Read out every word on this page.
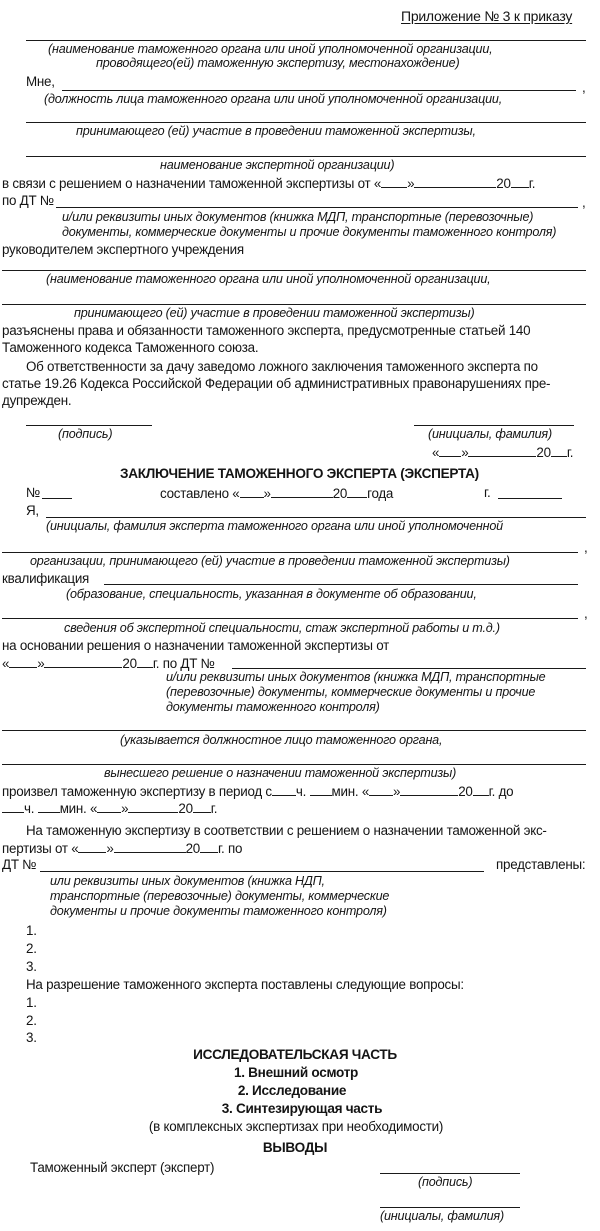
Приложение № 3 к приказу
(наименование таможенного органа или иной уполномоченной организации,
проводящего(ей) таможенную экспертизу, местонахождение)
Мне,	,
(должность лица таможенного органа или иной уполномоченной организации,
принимающего (ей) участие в проведении таможенной экспертизы,
наименование экспертной организации)
в связи с решением о назначении таможенной экспертизы от « »	20 г.
по ДТ №	,
и/или реквизиты иных документов (книжка МДП, транспортные (перевозочные)
документы, коммерческие документы и прочие документы таможенного контроля)
руководителем экспертного учреждения
(наименование таможенного органа или иной уполномоченной организации,
принимающего (ей) участие в проведении таможенной экспертизы)
разъяснены права и обязанности таможенного эксперта, предусмотренные статьей 140
Таможенного кодекса Таможенного союза.
Об ответственности за дачу заведомо ложного заключения таможенного эксперта по
статье 19.26 Кодекса Российской Федерации об административных правонарушениях пре-
дупрежден.
(подпись)	(инициалы, фамилия)
« »	20 г.
ЗАКЛЮЧЕНИЕ ТАМОЖЕННОГО ЭКСПЕРТА (ЭКСПЕРТА)
№	составлено « »	20 года	г.
Я,
(инициалы, фамилия эксперта таможенного органа или иной уполномоченной
,
организации, принимающего (ей) участие в проведении таможенной экспертизы)
квалификация
(образование, специальность, указанная в документе об образовании,
,
сведения об экспертной специальности, стаж экспертной работы и т.д.)
на основании решения о назначении таможенной экспертизы от
« »	20 г. по ДТ №
и/или реквизиты иных документов (книжка МДП, транспортные
(перевозочные) документы, коммерческие документы и прочие
документы таможенного контроля)
(указывается должностное лицо таможенного органа,
вынесшего решение о назначении таможенной экспертизы)
произвел таможенную экспертизу в период с ч. мин. « »	20 г. до
ч. мин. « »	20 г.
На таможенную экспертизу в соответствии с решением о назначении таможенной экс-
пертизы от « »	20 г. по
ДТ №	представлены:
или реквизиты иных документов (книжка НДП,
транспортные (перевозочные) документы, коммерческие
документы и прочие документы таможенного контроля)
1.
2.
3.
На разрешение таможенного эксперта поставлены следующие вопросы:
1.
2.
3.
ИССЛЕДОВАТЕЛЬСКАЯ ЧАСТЬ
1. Внешний осмотр
2. Исследование
3. Синтезирующая часть
(в комплексных экспертизах при необходимости)
ВЫВОДЫ
Таможенный эксперт (эксперт)
(подпись)
(инициалы, фамилия)
